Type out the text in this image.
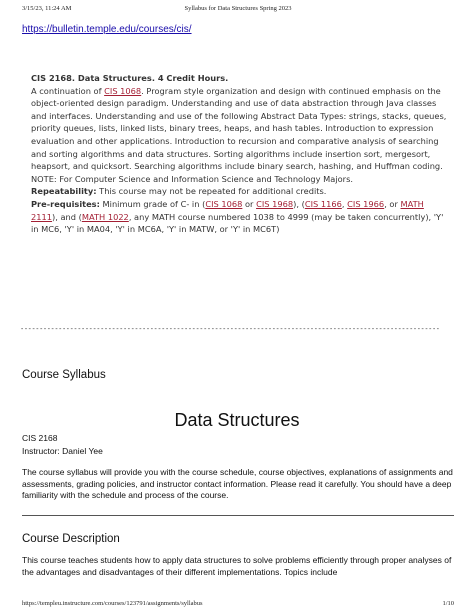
3/15/23, 11:24 AM	Syllabus for Data Structures Spring 2023
https://bulletin.temple.edu/courses/cis/
CIS 2168. Data Structures. 4 Credit Hours.
A continuation of CIS 1068. Program style organization and design with continued emphasis on the object-oriented design paradigm. Understanding and use of data abstraction through Java classes and interfaces. Understanding and use of the following Abstract Data Types: strings, stacks, queues, priority queues, lists, linked lists, binary trees, heaps, and hash tables. Introduction to expression evaluation and other applications. Introduction to recursion and comparative analysis of searching and sorting algorithms and data structures. Sorting algorithms include insertion sort, mergesort, heapsort, and quicksort. Searching algorithms include binary search, hashing, and Huffman coding. NOTE: For Computer Science and Information Science and Technology Majors.
Repeatability: This course may not be repeated for additional credits.
Pre-requisites: Minimum grade of C- in (CIS 1068 or CIS 1968), (CIS 1166, CIS 1966, or MATH 2111), and (MATH 1022, any MATH course numbered 1038 to 4999 (may be taken concurrently), 'Y' in MC6, 'Y' in MA04, 'Y' in MC6A, 'Y' in MATW, or 'Y' in MC6T)
--------------------------------------------------------------------------------------------------------------
Course Syllabus
Data Structures
CIS 2168
Instructor: Daniel Yee
The course syllabus will provide you with the course schedule, course objectives, explanations of assignments and assessments, grading policies, and instructor contact information. Please read it carefully. You should have a deep familiarity with the schedule and process of the course.
Course Description
This course teaches students how to apply data structures to solve problems efficiently through proper analyses of the advantages and disadvantages of their different implementations. Topics include
https://templeu.instructure.com/courses/123791/assignments/syllabus	1/10
